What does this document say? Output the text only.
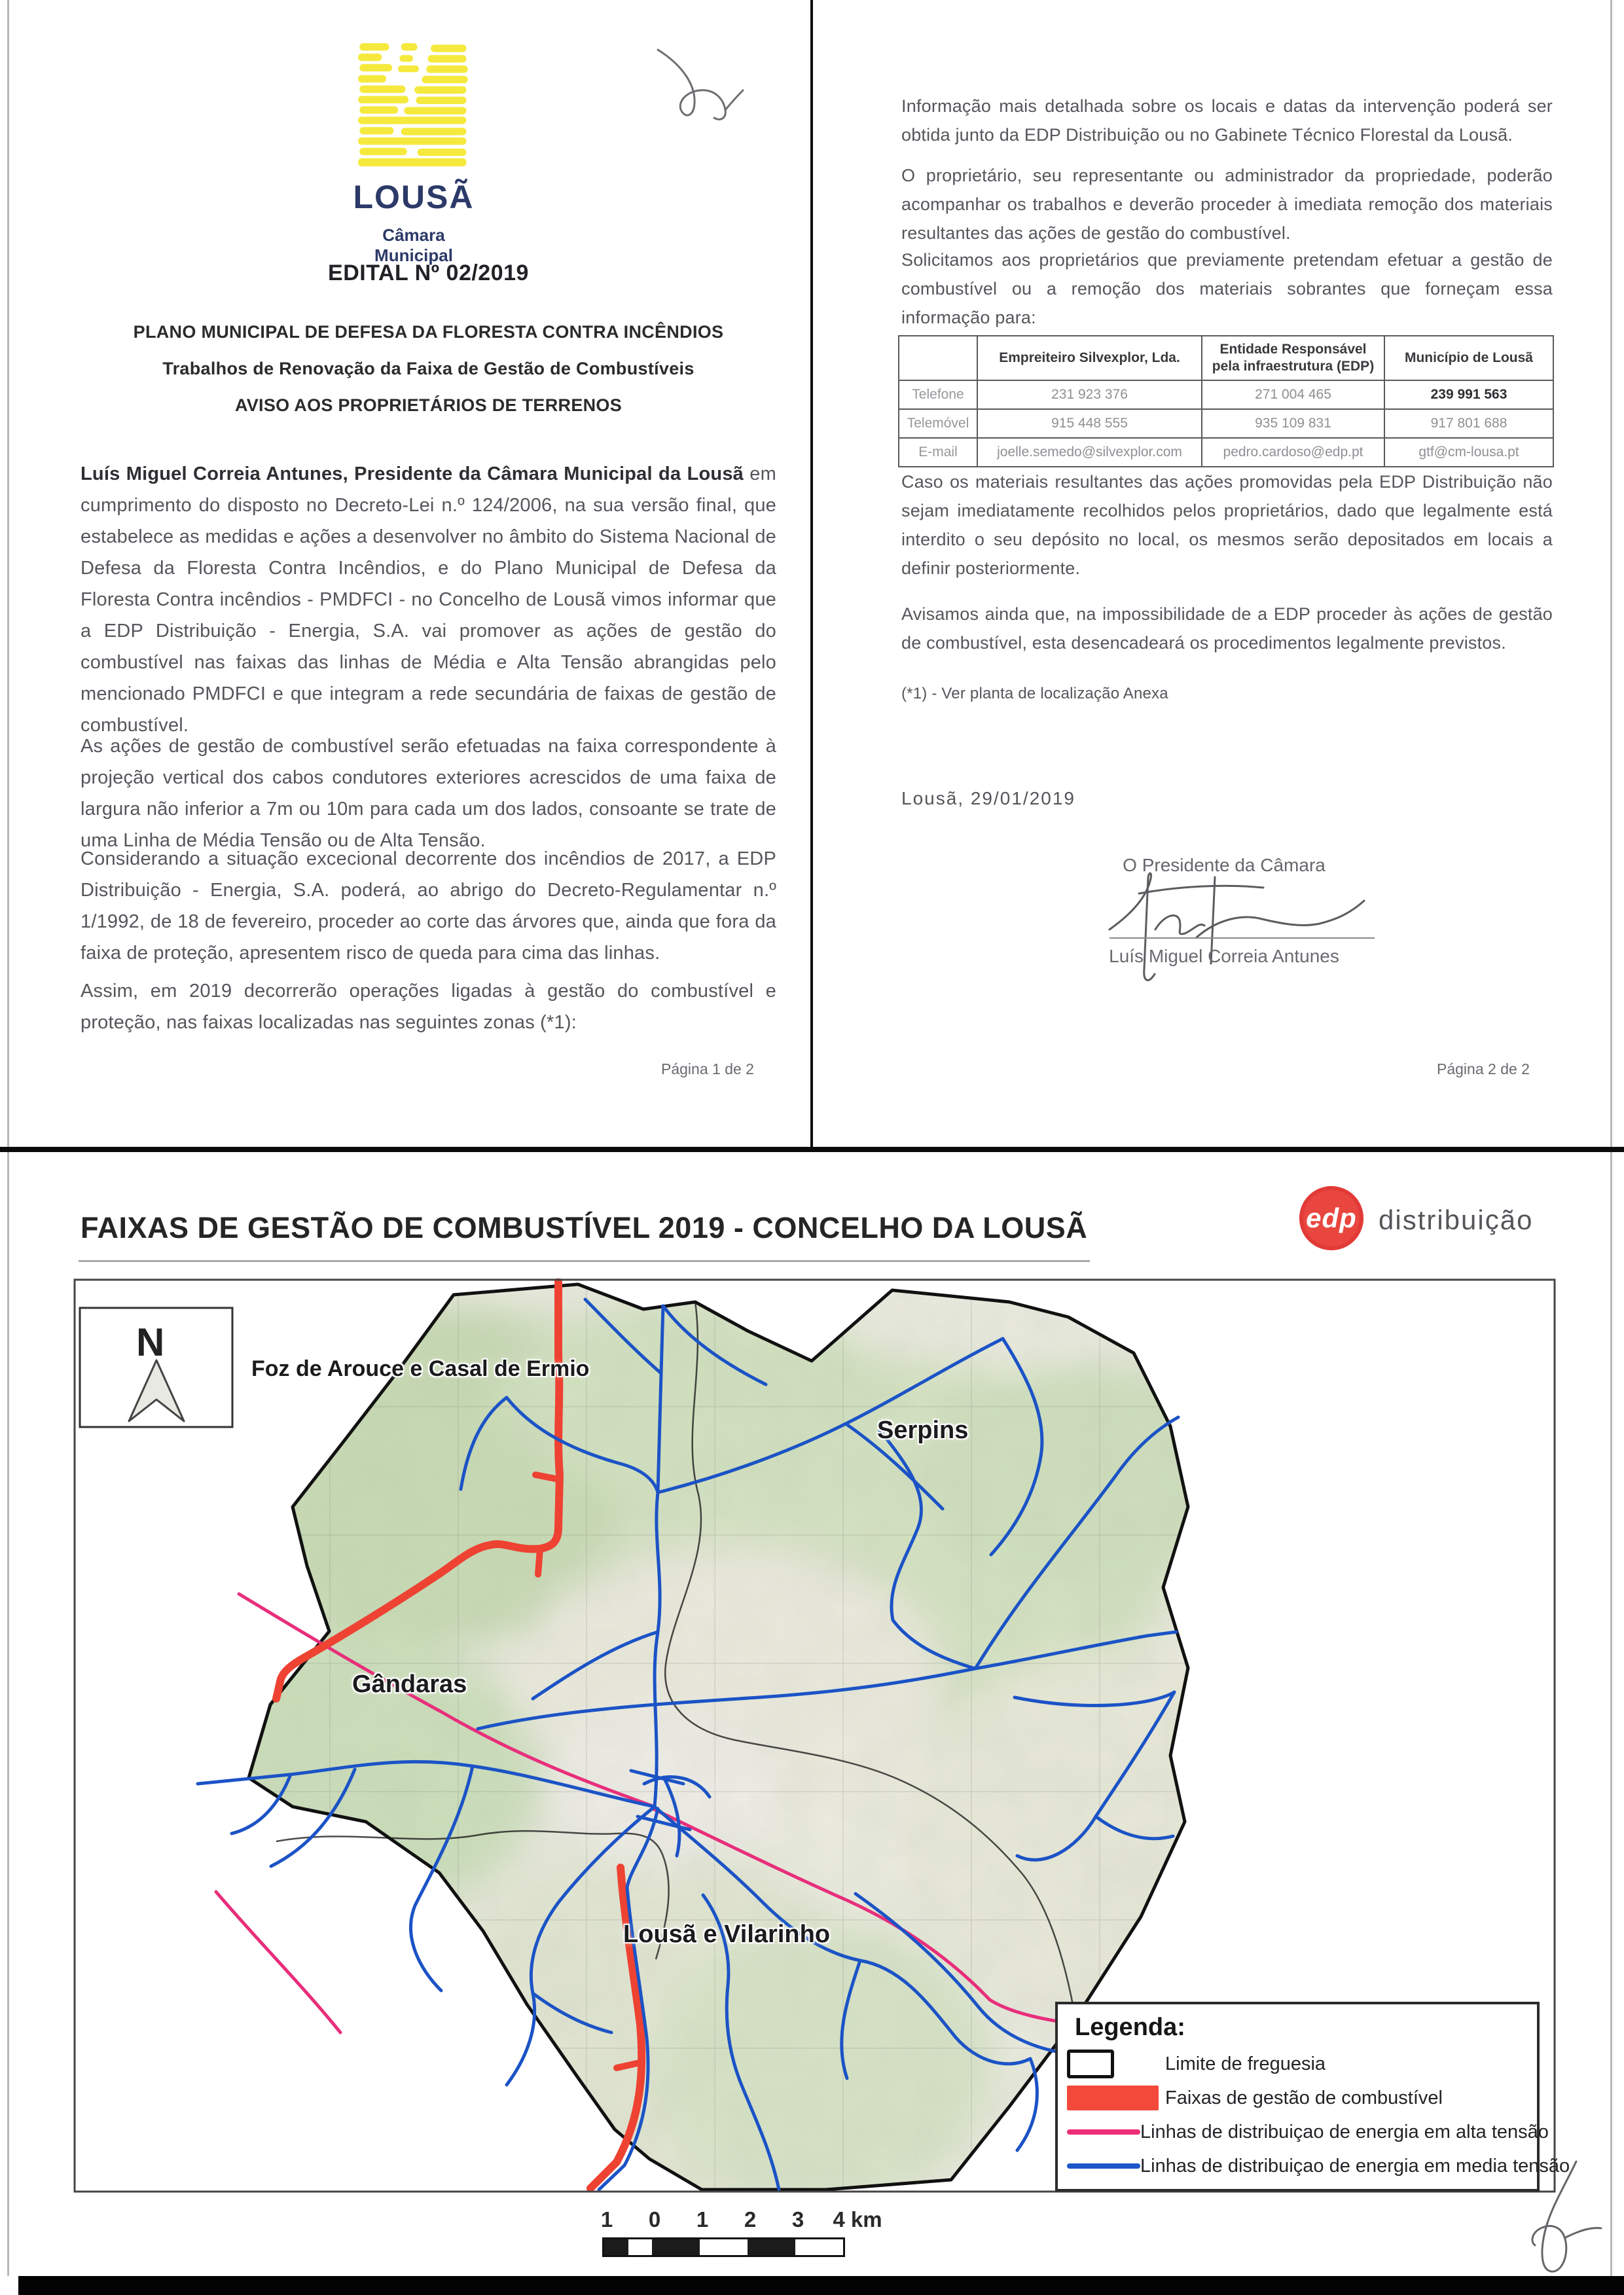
LOUSÃ
Câmara Municipal

EDITAL Nº 02/2019

PLANO MUNICIPAL DE DEFESA DA FLORESTA CONTRA INCÊNDIOS

Trabalhos de Renovação da Faixa de Gestão de Combustíveis

AVISO AOS PROPRIETÁRIOS DE TERRENOS

Luís Miguel Correia Antunes, Presidente da Câmara Municipal da Lousã em cumprimento do disposto no Decreto-Lei n.º 124/2006, na sua versão final, que estabelece as medidas e ações a desenvolver no âmbito do Sistema Nacional de Defesa da Floresta Contra Incêndios, e do Plano Municipal de Defesa da Floresta Contra incêndios - PMDFCI - no Concelho de Lousã vimos informar que a EDP Distribuição - Energia, S.A. vai promover as ações de gestão do combustível nas faixas das linhas de Média e Alta Tensão abrangidas pelo mencionado PMDFCI e que integram a rede secundária de faixas de gestão de combustível.

As ações de gestão de combustível serão efetuadas na faixa correspondente à projeção vertical dos cabos condutores exteriores acrescidos de uma faixa de largura não inferior a 7m ou 10m para cada um dos lados, consoante se trate de uma Linha de Média Tensão ou de Alta Tensão.

Considerando a situação excecional decorrente dos incêndios de 2017, a EDP Distribuição - Energia, S.A. poderá, ao abrigo do Decreto-Regulamentar n.º 1/1992, de 18 de fevereiro, proceder ao corte das árvores que, ainda que fora da faixa de proteção, apresentem risco de queda para cima das linhas.

Assim, em 2019 decorrerão operações ligadas à gestão do combustível e proteção, nas faixas localizadas nas seguintes zonas (*1):

Página 1 de 2

Informação mais detalhada sobre os locais e datas da intervenção poderá ser obtida junto da EDP Distribuição ou no Gabinete Técnico Florestal da Lousã.

O proprietário, seu representante ou administrador da propriedade, poderão acompanhar os trabalhos e deverão proceder à imediata remoção dos materiais resultantes das ações de gestão do combustível.

Solicitamos aos proprietários que previamente pretendam efetuar a gestão de combustível ou a remoção dos materiais sobrantes que forneçam essa informação para:

	Empreiteiro Silvexplor, Lda.	Entidade Responsável pela infraestrutura (EDP)	Município de Lousã
Telefone	231 923 376	271 004 465	239 991 563
Telemóvel	915 448 555	935 109 831	917 801 688
E-mail	joelle.semedo@silvexplor.com	pedro.cardoso@edp.pt	gtf@cm-lousa.pt

Caso os materiais resultantes das ações promovidas pela EDP Distribuição não sejam imediatamente recolhidos pelos proprietários, dado que legalmente está interdito o seu depósito no local, os mesmos serão depositados em locais a definir posteriormente.

Avisamos ainda que, na impossibilidade de a EDP proceder às ações de gestão de combustível, esta desencadeará os procedimentos legalmente previstos.

(*1) - Ver planta de localização Anexa

Lousã, 29/01/2019

O Presidente da Câmara
Luís Miguel Correia Antunes

Página 2 de 2

FAIXAS DE GESTÃO DE COMBUSTÍVEL 2019 - CONCELHO DA LOUSÃ	edp distribuição
N
Foz de Arouce e Casal de Ermio
Serpins
Gândaras
Lousã e Vilarinho

Legenda:

Limite de freguesia
Faixas de gestão de combustível
Linhas de distribuiçao de energia em alta tensão
Linhas de distribuiçao de energia em media tensão
1 0 1 2 3 4 km
